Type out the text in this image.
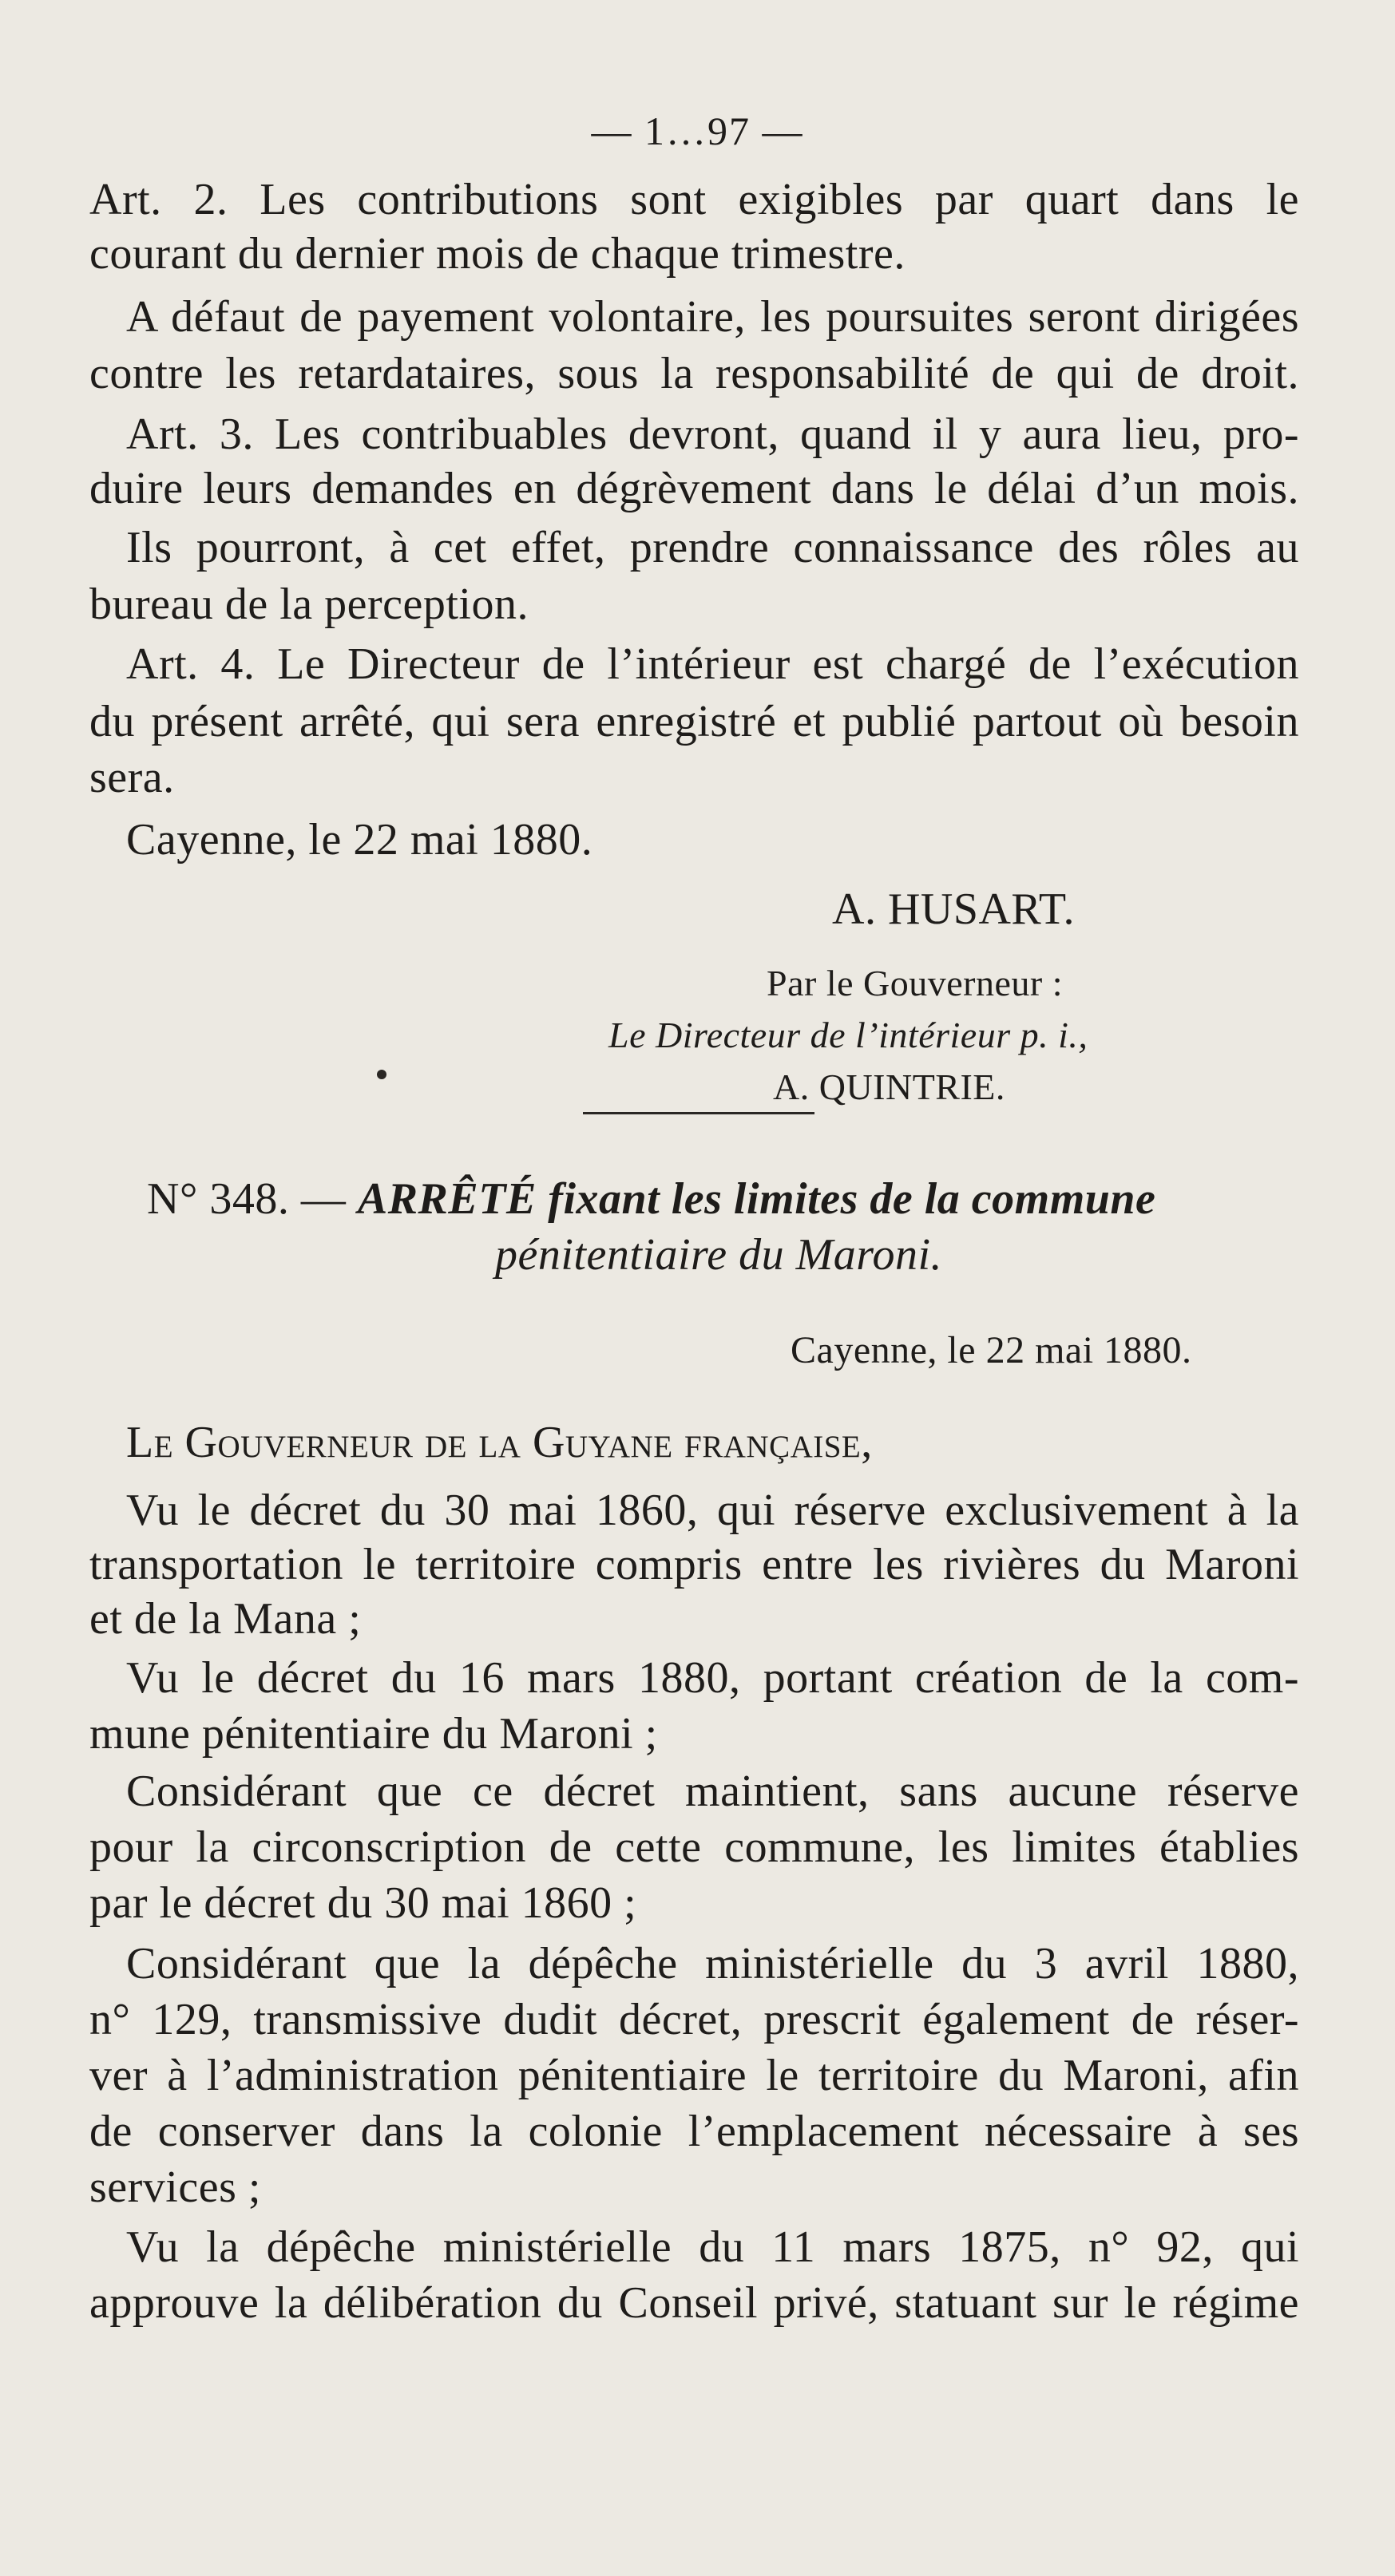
— 1…97 —
Art. 2. Les contributions sont exigibles par quart dans le
courant du dernier mois de chaque trimestre.
A défaut de payement volontaire, les poursuites seront dirigées
contre les retardataires, sous la responsabilité de qui de droit.
Art. 3. Les contribuables devront, quand il y aura lieu, pro-
duire leurs demandes en dégrèvement dans le délai d’un mois.
Ils pourront, à cet effet, prendre connaissance des rôles au
bureau de la perception.
Art. 4. Le Directeur de l’intérieur est chargé de l’exécution
du présent arrêté, qui sera enregistré et publié partout où besoin
sera.
Cayenne, le 22 mai 1880.
A. HUSART.
Par le Gouverneur :
Le Directeur de l’intérieur p. i.,
A. QUINTRIE.
N° 348. — ARRÊTÉ fixant les limites de la commune
pénitentiaire du Maroni.
Cayenne, le 22 mai 1880.
Le Gouverneur de la Guyane française,
Vu le décret du 30 mai 1860, qui réserve exclusivement à la
transportation le territoire compris entre les rivières du Maroni
et de la Mana ;
Vu le décret du 16 mars 1880, portant création de la com-
mune pénitentiaire du Maroni ;
Considérant que ce décret maintient, sans aucune réserve
pour la circonscription de cette commune, les limites établies
par le décret du 30 mai 1860 ;
Considérant que la dépêche ministérielle du 3 avril 1880,
n° 129, transmissive dudit décret, prescrit également de réser-
ver à l’administration pénitentiaire le territoire du Maroni, afin
de conserver dans la colonie l’emplacement nécessaire à ses
services ;
Vu la dépêche ministérielle du 11 mars 1875, n° 92, qui
approuve la délibération du Conseil privé, statuant sur le régime
